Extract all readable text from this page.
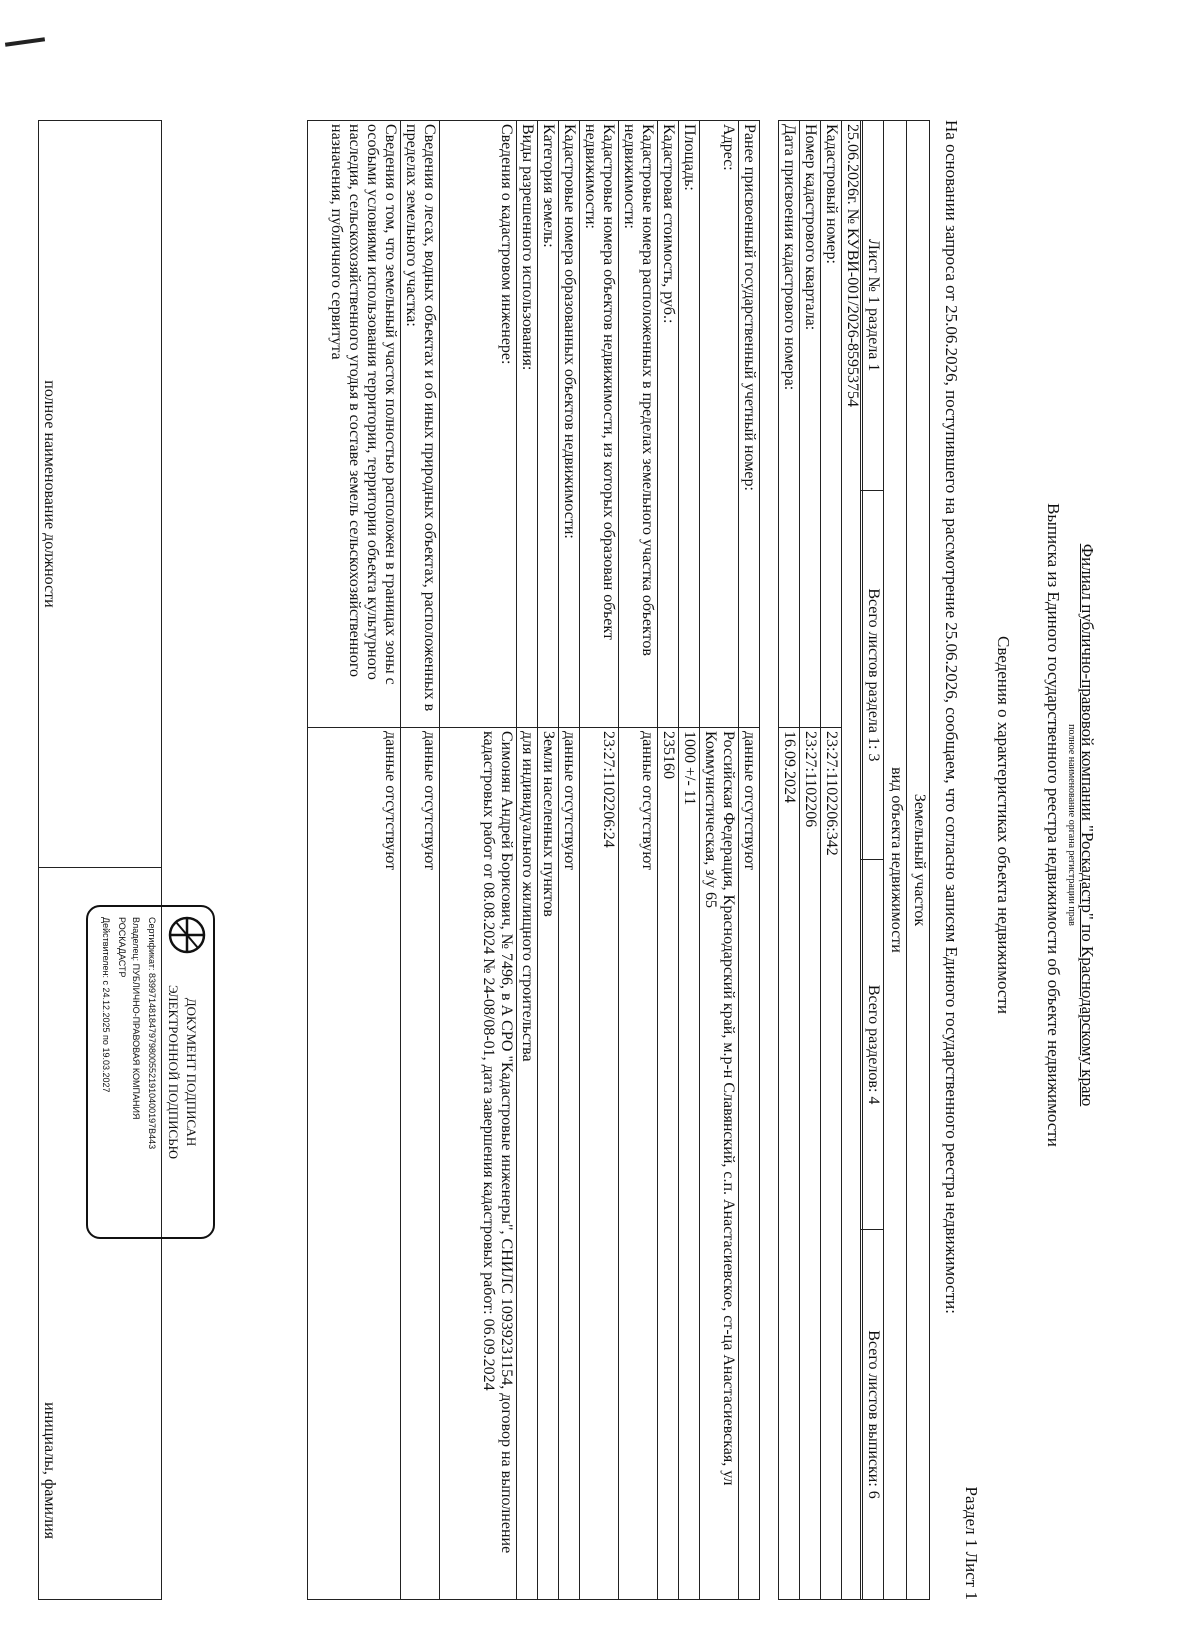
Филиал публично-правовой компании "Роскадастр" по Краснодарскому краю
полное наименование органа регистрации прав
Выписка из Единого государственного реестра недвижимости об объекте недвижимости
Сведения о характеристиках объекта недвижимости
Раздел 1 Лист 1
На основании запроса от 25.06.2026, поступившего на рассмотрение 25.06.2026, сообщаем, что согласно записям Единого государственного реестра недвижимости:
Земельный участок
вид объекта недвижимости
Лист № 1 раздела 1	Всего листов раздела 1: 3	Всего разделов: 4	Всего листов выписки: 6
25.06.2026г. № КУВИ-001/2026-85953754	
Кадастровый номер:	23:27:1102206:342
Номер кадастрового квартала:	23:27:1102206
Дата присвоения кадастрового номера:	16.09.2024
Ранее присвоенный государственный учетный номер:	данные отсутствуют
Адрес:	Российская Федерация, Краснодарский край, м.р-н Славянский, с.п. Анастасиевское, ст-ца Анастасиевская, ул Коммунистическая, з/у 65
Площадь:	1000 +/- 11
Кадастровая стоимость, руб.:	235160
Кадастровые номера расположенных в пределах земельного участка объектов недвижимости:	данные отсутствуют
Кадастровые номера объектов недвижимости, из которых образован объект недвижимости:	23:27:1102206:24
Кадастровые номера образованных объектов недвижимости:	данные отсутствуют
Категория земель:	Земли населенных пунктов
Виды разрешенного использования:	для индивидуального жилищного строительства
Сведения о кадастровом инженере:	Симонян Андрей Борисович, № 7496, в А СРО "Кадастровые инженеры", СНИЛС 10939231154, договор на выполнение кадастровых работ от 08.08.2024 № 24-08/08-01, дата завершения кадастровых работ: 06.09.2024
Сведения о лесах, водных объектах и об иных природных объектах, расположенных в пределах земельного участка:	данные отсутствуют
Сведения о том, что земельный участок полностью расположен в границах зоны с особыми условиями использования территории, территории объекта культурного наследия, сельскохозяйственного угодья в составе земель сельскохозяйственного назначения, публичного сервитута	данные отсутствуют
полное наименование должности	инициалы, фамилия
ДОКУМЕНТ ПОДПИСАН
ЭЛЕКТРОННОЙ ПОДПИСЬЮ
Сертификат: 8399714818479798005521910400197B443
Владелец: ПУБЛИЧНО-ПРАВОВАЯ КОМПАНИЯ
РОСКАДАСТР
Действителен: с 24.12.2025 по 19.03.2027
